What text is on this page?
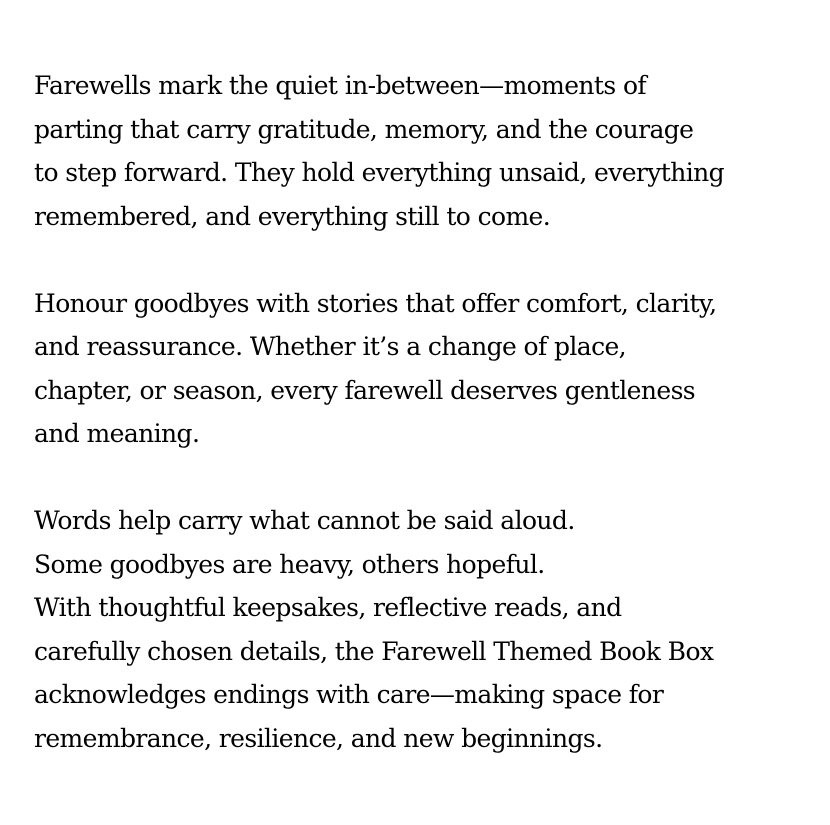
Farewells mark the quiet in-between—moments of
parting that carry gratitude, memory, and the courage
to step forward. They hold everything unsaid, everything
remembered, and everything still to come.

Honour goodbyes with stories that offer comfort, clarity,
and reassurance. Whether it’s a change of place,
chapter, or season, every farewell deserves gentleness
and meaning.

Words help carry what cannot be said aloud.
Some goodbyes are heavy, others hopeful.
With thoughtful keepsakes, reflective reads, and
carefully chosen details, the Farewell Themed Book Box
acknowledges endings with care—making space for
remembrance, resilience, and new beginnings.
